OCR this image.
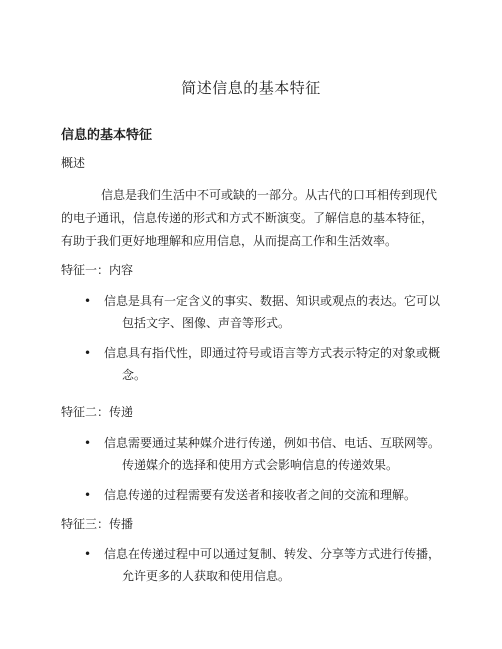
简述信息的基本特征
信息的基本特征

概述

信息是我们生活中不可或缺的一部分。从古代的口耳相传到现代
的电子通讯，信息传递的形式和方式不断演变。了解信息的基本特征，
有助于我们更好地理解和应用信息，从而提高工作和生活效率。

特征一：内容

• 信息是具有一定含义的事实、数据、知识或观点的表达。它可以
包括文字、图像、声音等形式。
• 信息具有指代性，即通过符号或语言等方式表示特定的对象或概
念。

特征二：传递

• 信息需要通过某种媒介进行传递，例如书信、电话、互联网等。
传递媒介的选择和使用方式会影响信息的传递效果。
• 信息传递的过程需要有发送者和接收者之间的交流和理解。

特征三：传播

• 信息在传递过程中可以通过复制、转发、分享等方式进行传播，
允许更多的人获取和使用信息。
